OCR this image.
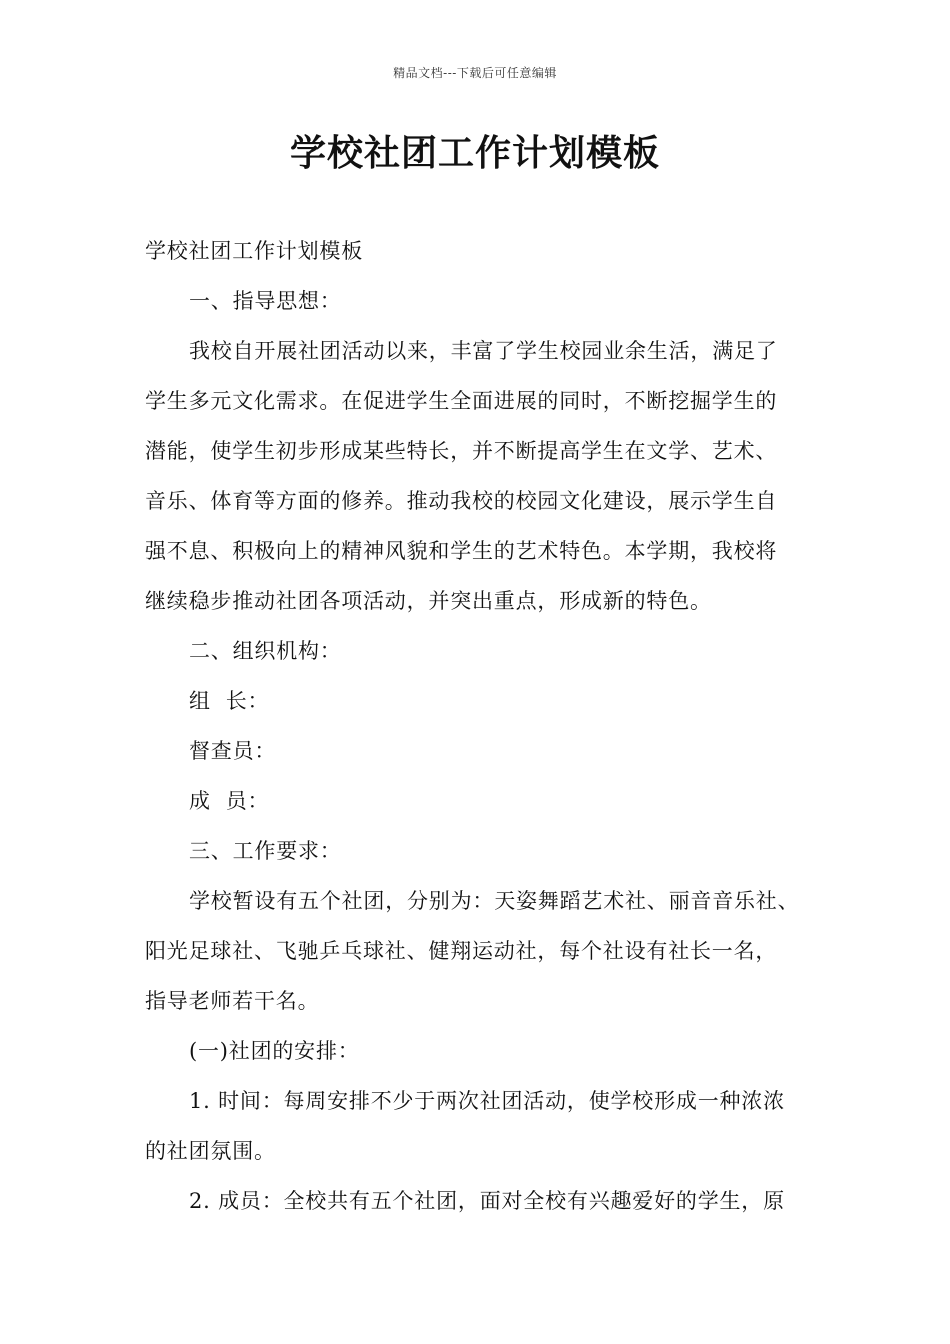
精品文档---下载后可任意编辑
学校社团工作计划模板

学校社团工作计划模板

一、指导思想：

我校自开展社团活动以来，丰富了学生校园业余生活，满足了

学生多元文化需求。在促进学生全面进展的同时，不断挖掘学生的

潜能，使学生初步形成某些特长，并不断提高学生在文学、艺术、

音乐、体育等方面的修养。推动我校的校园文化建设，展示学生自

强不息、积极向上的精神风貌和学生的艺术特色。本学期，我校将

继续稳步推动社团各项活动，并突出重点，形成新的特色。

二、组织机构：

组  长：

督查员：

成  员：

三、工作要求：

学校暂设有五个社团，分别为：天姿舞蹈艺术社、丽音音乐社、

阳光足球社、飞驰乒乓球社、健翔运动社，每个社设有社长一名，

指导老师若干名。

(一)社团的安排：

1. 时间：每周安排不少于两次社团活动，使学校形成一种浓浓

的社团氛围。

2. 成员：全校共有五个社团，面对全校有兴趣爱好的学生，原
